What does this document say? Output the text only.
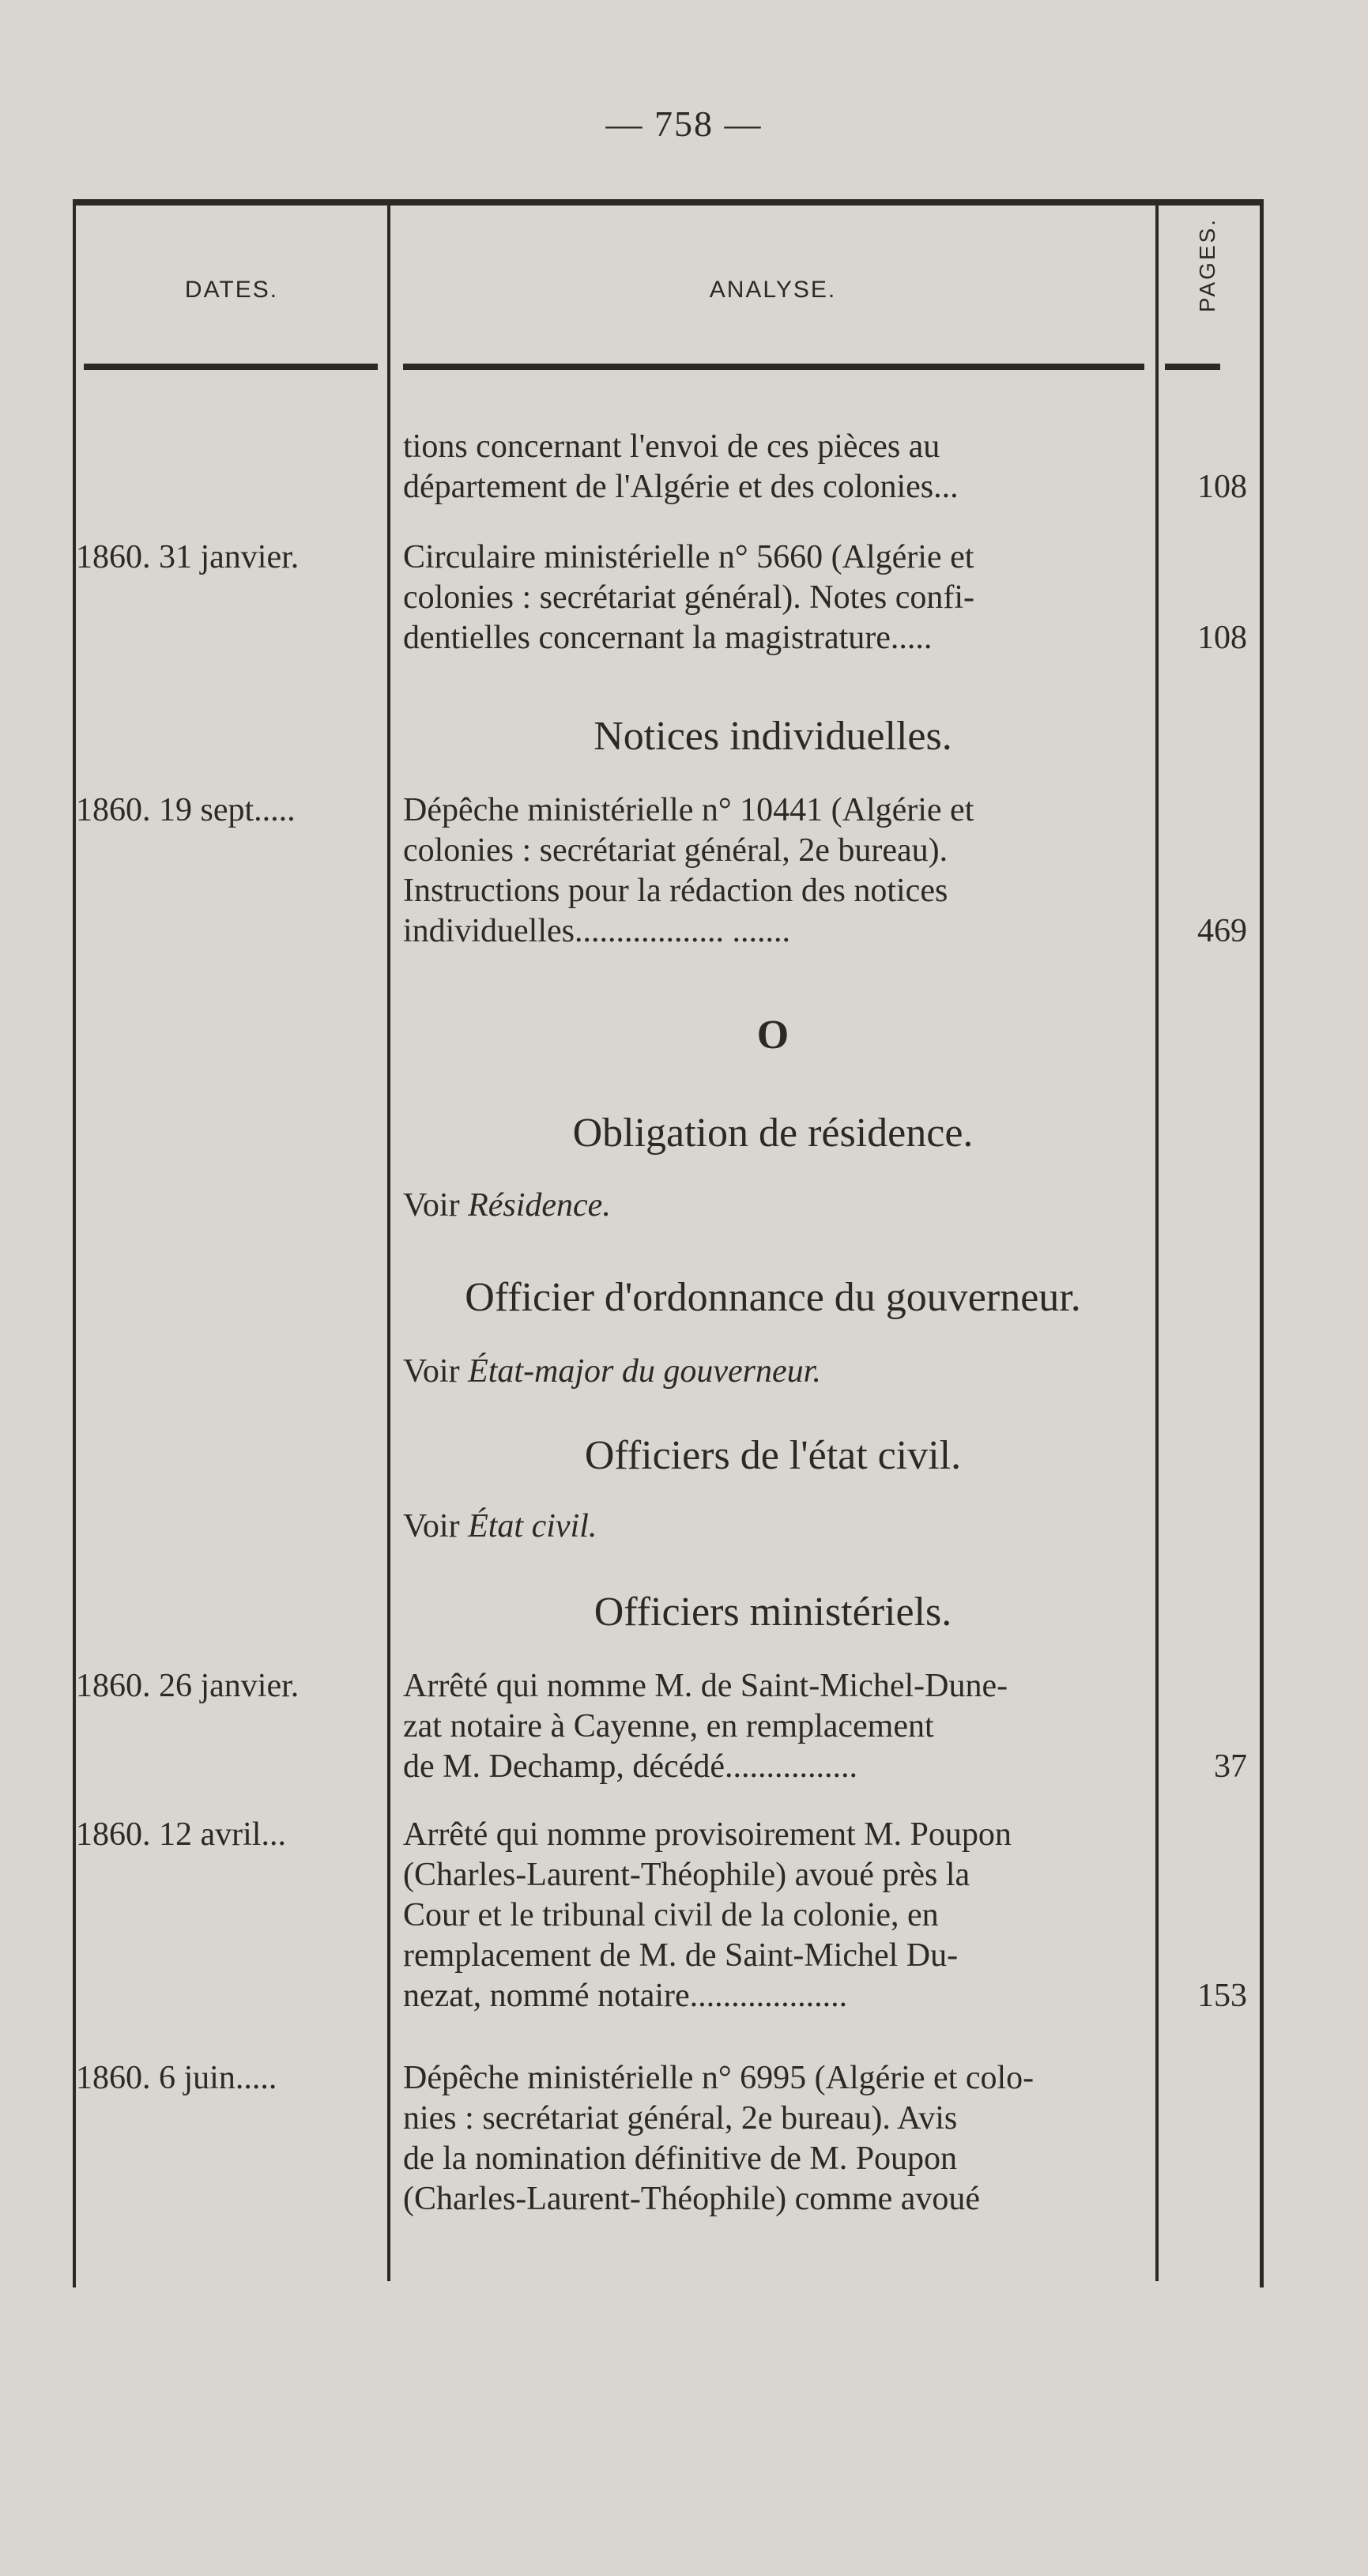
— 758 —
DATES.	ANALYSE.	PAGES.
tions concernant l'envoi de ces pièces au
département de l'Algérie et des colonies...	108
1860. 31 janvier.	Circulaire ministérielle n° 5660 (Algérie et
colonies : secrétariat général). Notes confi-
dentielles concernant la magistrature.....	108
Notices individuelles.
1860. 19 sept.....	Dépêche ministérielle n° 10441 (Algérie et
colonies : secrétariat général, 2e bureau).
Instructions pour la rédaction des notices
individuelles.................. .......	469
O
Obligation de résidence.
Voir Résidence.
Officier d'ordonnance du gouverneur.
Voir État-major du gouverneur.
Officiers de l'état civil.
Voir État civil.
Officiers ministériels.
1860. 26 janvier.	Arrêté qui nomme M. de Saint-Michel-Dune-
zat notaire à Cayenne, en remplacement
de M. Dechamp, décédé................	37
1860. 12 avril...	Arrêté qui nomme provisoirement M. Poupon
(Charles-Laurent-Théophile) avoué près la
Cour et le tribunal civil de la colonie, en
remplacement de M. de Saint-Michel Du-
nezat, nommé notaire...................	153
1860. 6 juin.....	Dépêche ministérielle n° 6995 (Algérie et colo-
nies : secrétariat général, 2e bureau). Avis
de la nomination définitive de M. Poupon
(Charles-Laurent-Théophile) comme avoué
